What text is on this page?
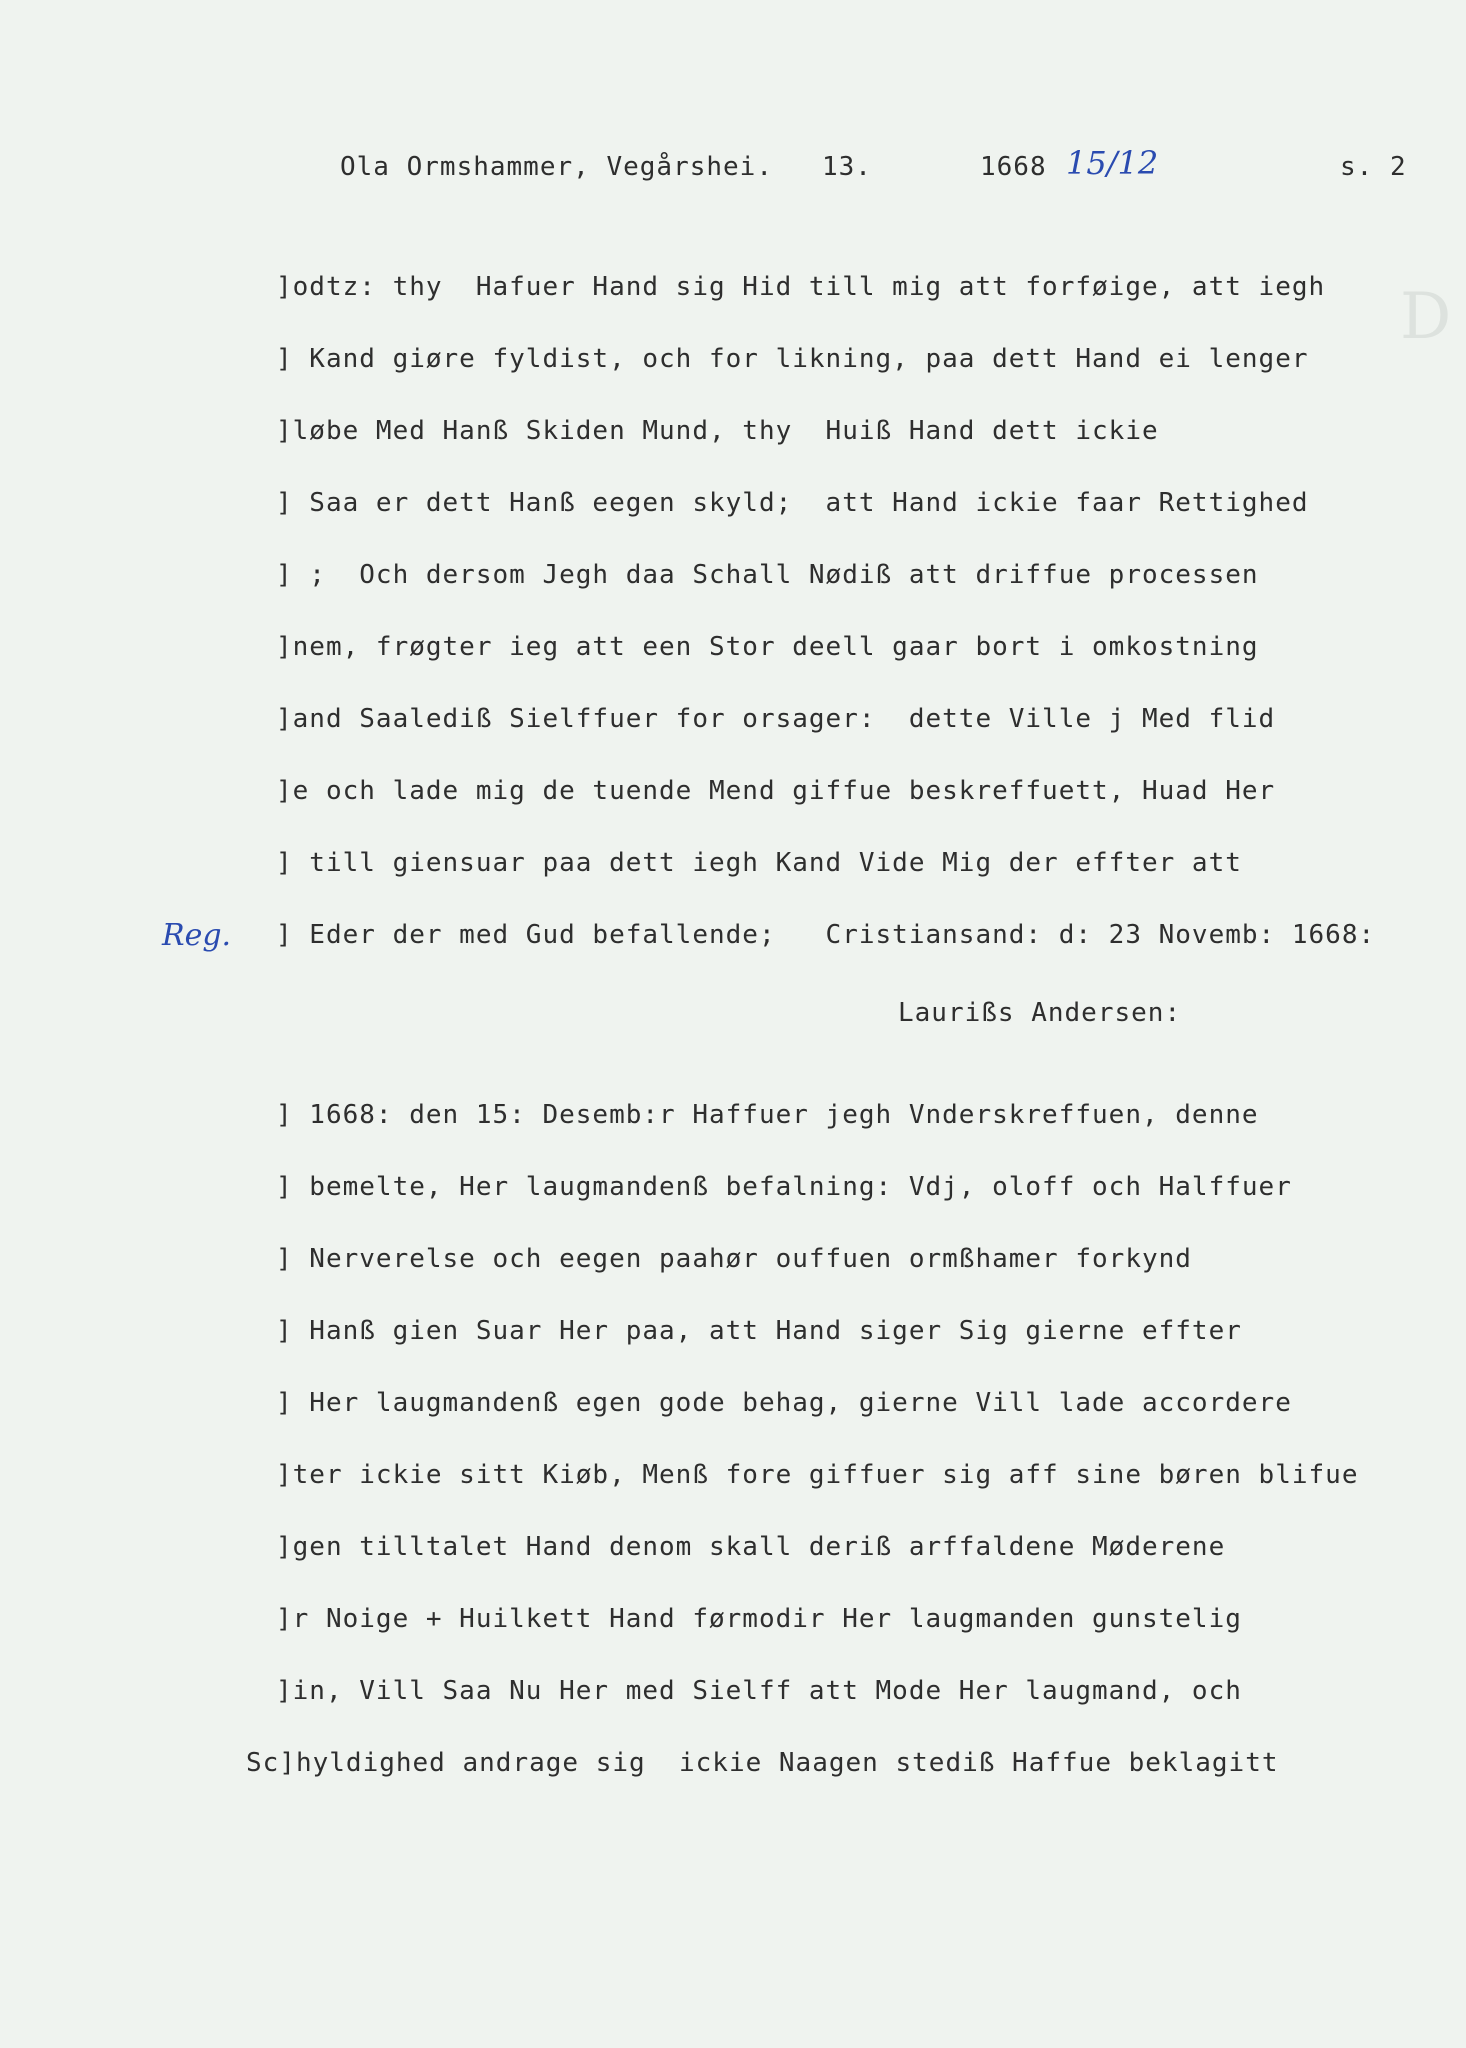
D

Ola Ormshammer, Vegårshei.

13.

	1668

15/12

	s. 2

Reg.
]odtz: thy  Hafuer Hand sig Hid till mig att forføige, att iegh
] Kand giøre fyldist, och for likning, paa dett Hand ei lenger
]løbe Med Hanß Skiden Mund, thy  Huiß Hand dett ickie
] Saa er dett Hanß eegen skyld;  att Hand ickie faar Rettighed
] ;  Och dersom Jegh daa Schall Nødiß att driffue processen
]nem, frøgter ieg att een Stor deell gaar bort i omkostning
]and Saalediß Sielffuer for orsager:  dette Ville j Med flid
]e och lade mig de tuende Mend giffue beskreffuett, Huad Her
] till giensuar paa dett iegh Kand Vide Mig der effter att
] Eder der med Gud befallende;   Cristiansand: d: 23 Novemb: 1668:
Laurißs Andersen:
] 1668: den 15: Desemb:r Haffuer jegh Vnderskreffuen, denne
] bemelte, Her laugmandenß befalning: Vdj, oloff och Halffuer
] Nerverelse och eegen paahør ouffuen ormßhamer forkynd
] Hanß gien Suar Her paa, att Hand siger Sig gierne effter
] Her laugmandenß egen gode behag, gierne Vill lade accordere
]ter ickie sitt Kiøb, Menß fore giffuer sig aff sine børen blifue
]gen tilltalet Hand denom skall deriß arffaldene Møderene
]r Noige + Huilkett Hand førmodir Her laugmanden gunstelig
]in, Vill Saa Nu Her med Sielff att Mode Her laugmand, och
Sc]hyldighed andrage sig  ickie Naagen stediß Haffue beklagitt
